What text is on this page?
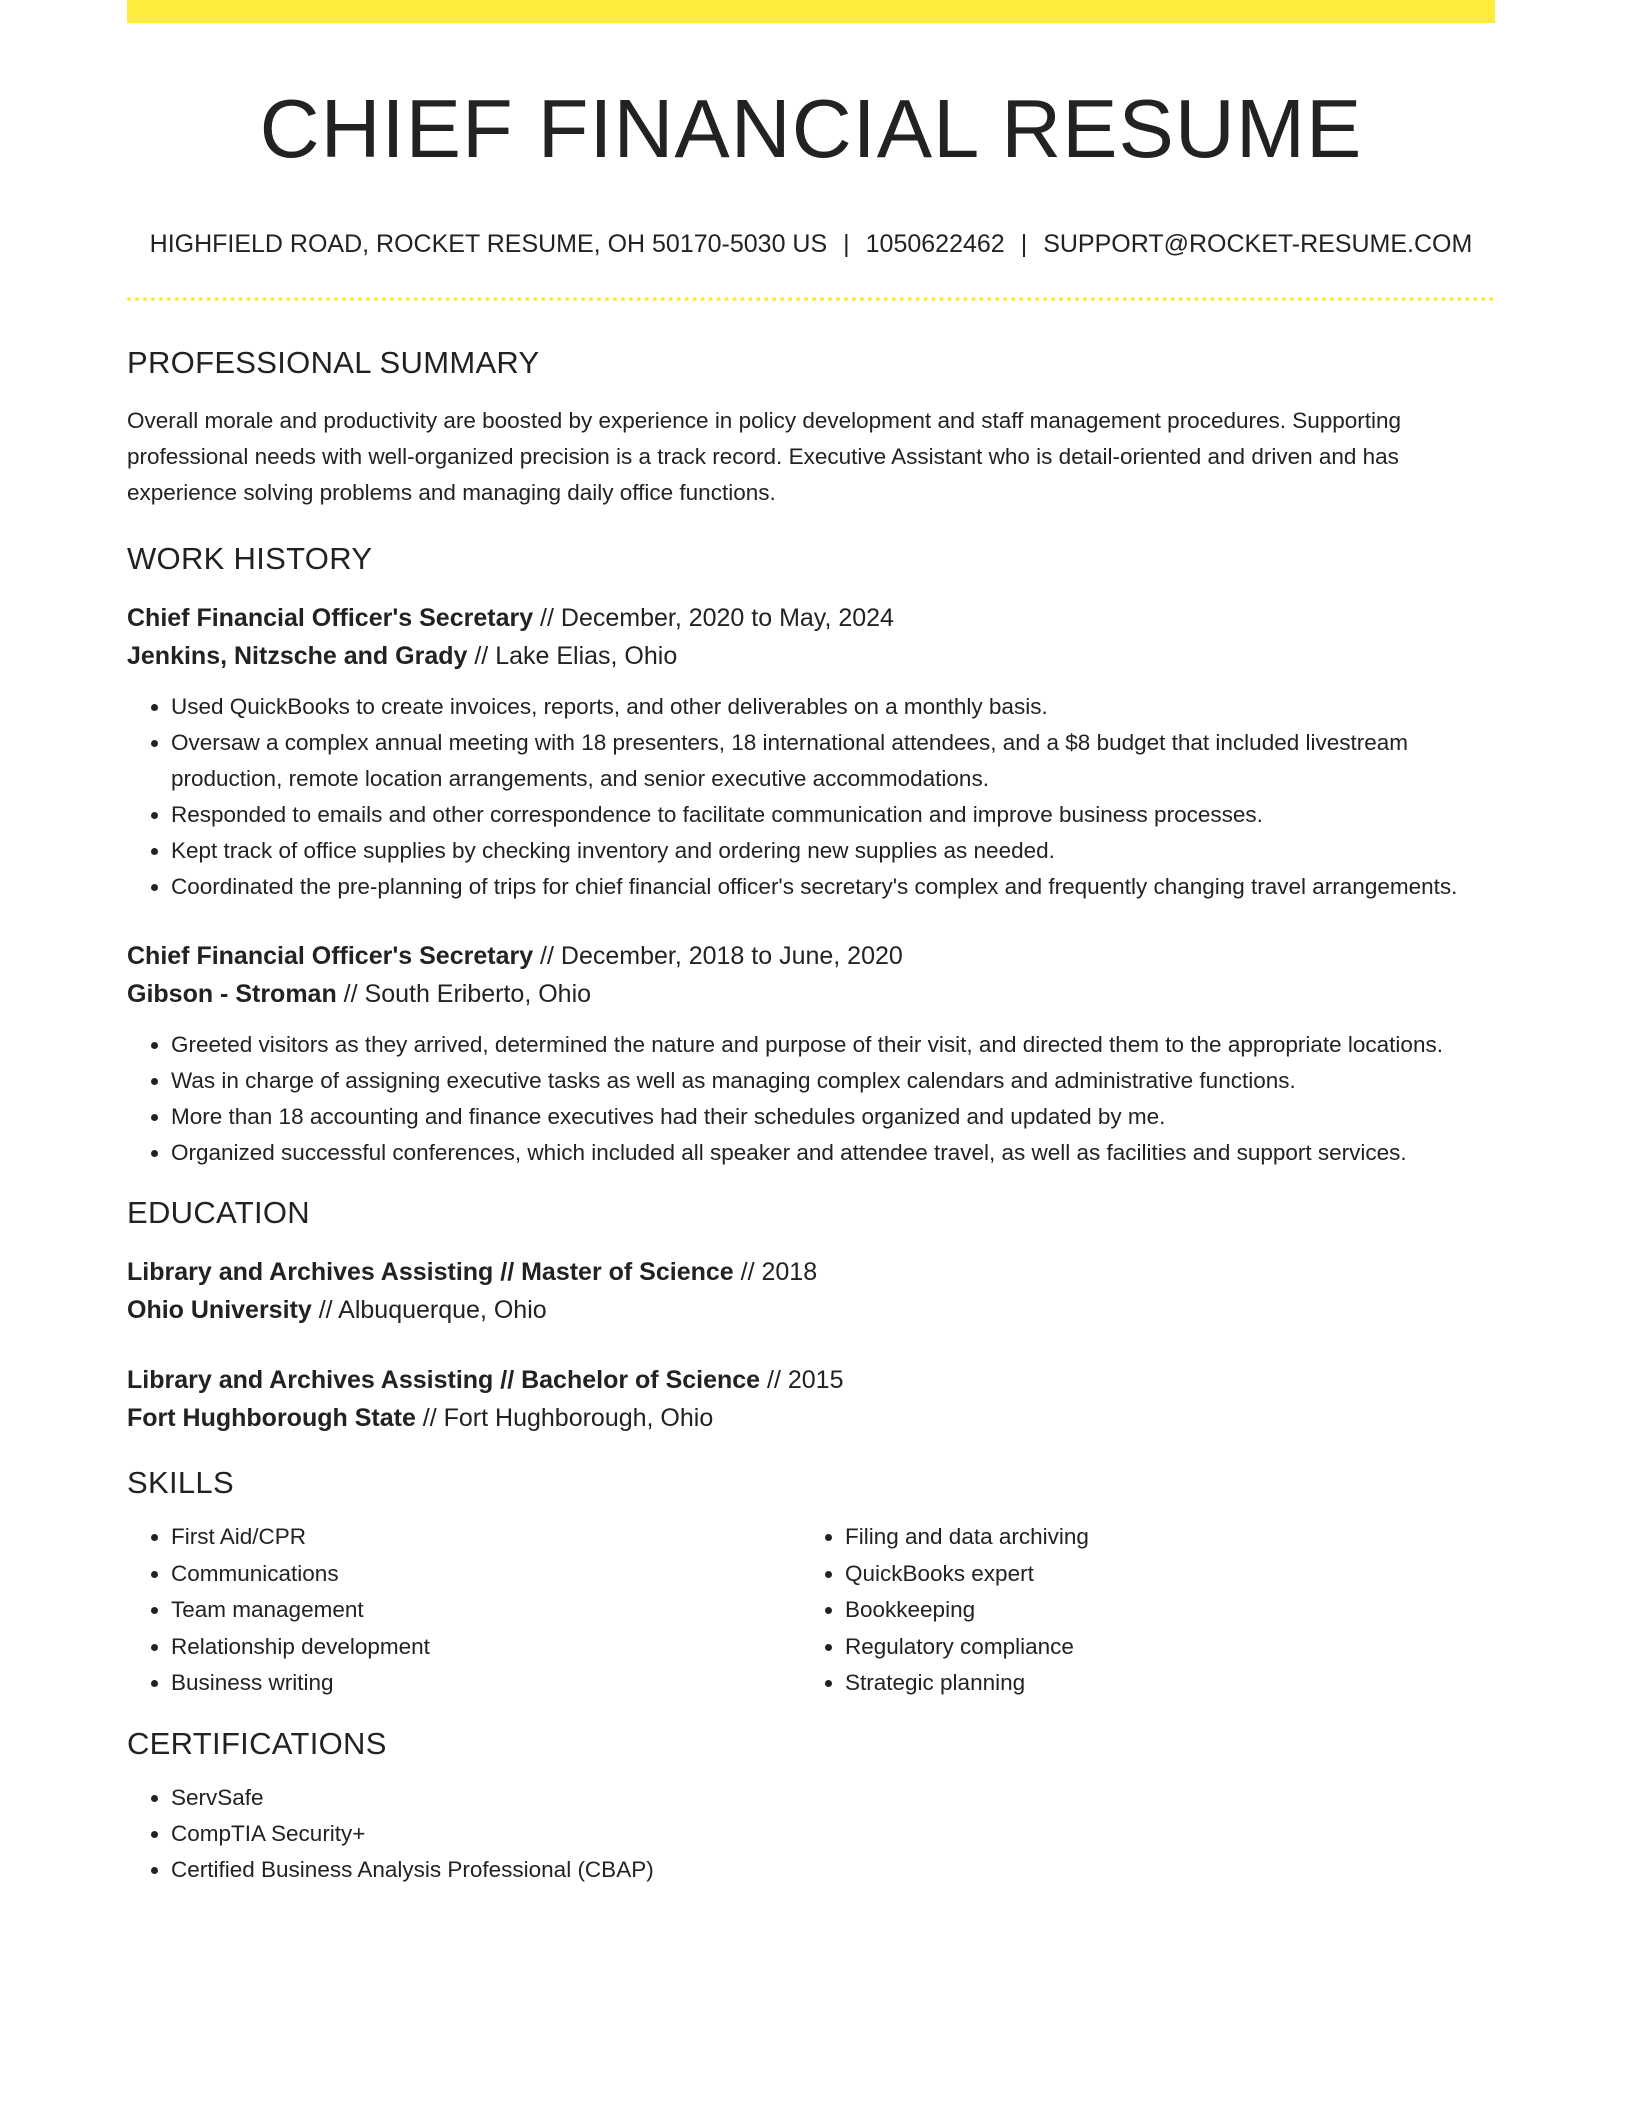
CHIEF FINANCIAL RESUME
HIGHFIELD ROAD, ROCKET RESUME, OH 50170-5030 US | 1050622462 | SUPPORT@ROCKET-RESUME.COM
PROFESSIONAL SUMMARY

Overall morale and productivity are boosted by experience in policy development and staff management procedures. Supporting professional needs with well-organized precision is a track record. Executive Assistant who is detail-oriented and driven and has experience solving problems and managing daily office functions.

WORK HISTORY

Chief Financial Officer's Secretary // December, 2020 to May, 2024

Jenkins, Nitzsche and Grady // Lake Elias, Ohio

• Used QuickBooks to create invoices, reports, and other deliverables on a monthly basis.
• Oversaw a complex annual meeting with 18 presenters, 18 international attendees, and a $8 budget that included livestream production, remote location arrangements, and senior executive accommodations.
• Responded to emails and other correspondence to facilitate communication and improve business processes.
• Kept track of office supplies by checking inventory and ordering new supplies as needed.
• Coordinated the pre-planning of trips for chief financial officer's secretary's complex and frequently changing travel arrangements.

Chief Financial Officer's Secretary // December, 2018 to June, 2020

Gibson - Stroman // South Eriberto, Ohio

• Greeted visitors as they arrived, determined the nature and purpose of their visit, and directed them to the appropriate locations.
• Was in charge of assigning executive tasks as well as managing complex calendars and administrative functions.
• More than 18 accounting and finance executives had their schedules organized and updated by me.
• Organized successful conferences, which included all speaker and attendee travel, as well as facilities and support services.
EDUCATION

Library and Archives Assisting // Master of Science // 2018

Ohio University // Albuquerque, Ohio

Library and Archives Assisting // Bachelor of Science // 2015

Fort Hughborough State // Fort Hughborough, Ohio

SKILLS
• First Aid/CPR
• Communications
• Team management
• Relationship development
• Business writing
• Filing and data archiving
• QuickBooks expert
• Bookkeeping
• Regulatory compliance
• Strategic planning
CERTIFICATIONS
• ServSafe
• CompTIA Security+
• Certified Business Analysis Professional (CBAP)
